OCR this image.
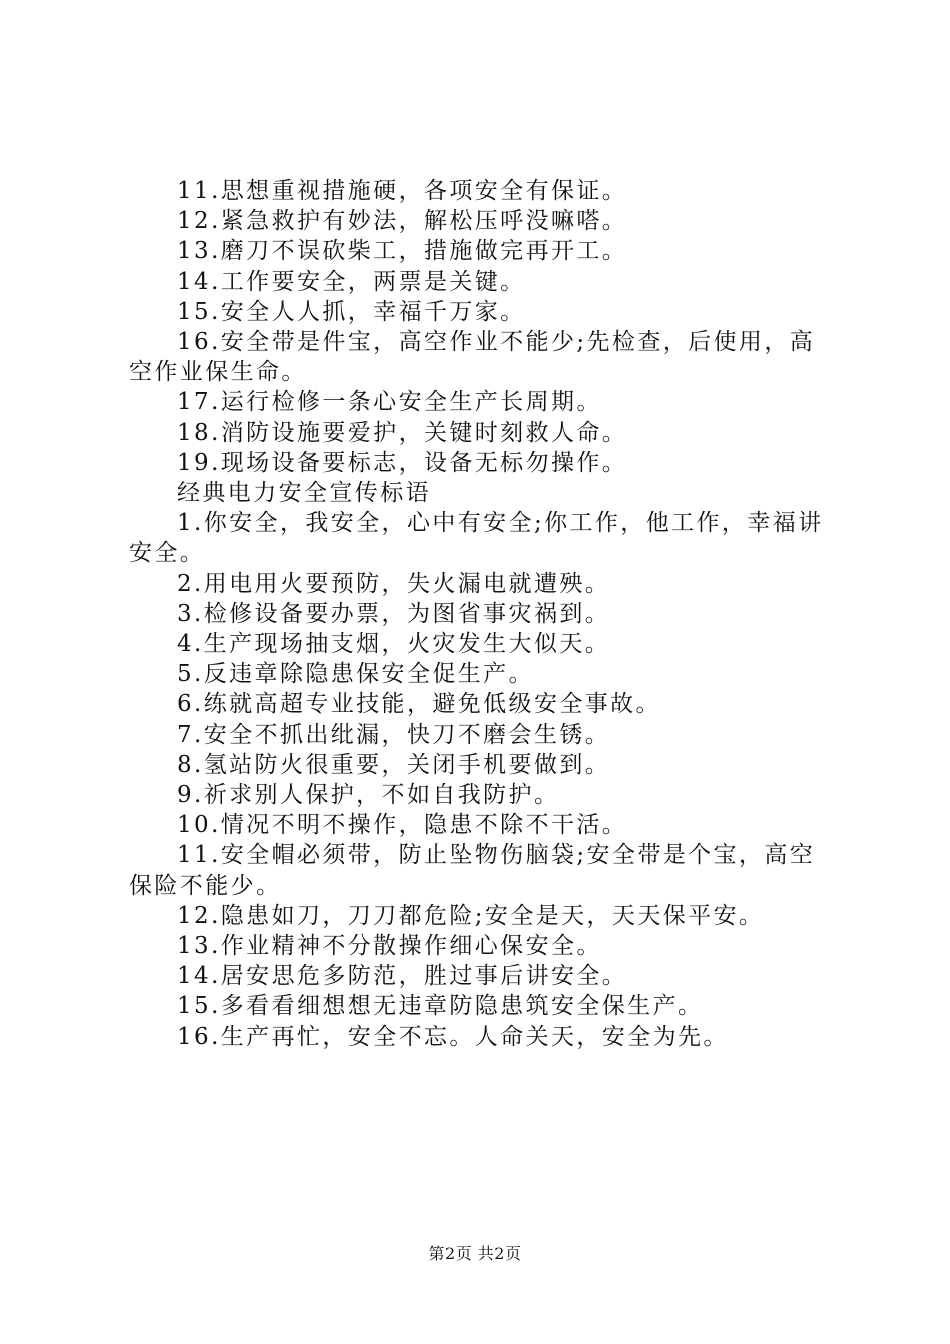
11.思想重视措施硬，各项安全有保证。

12.紧急救护有妙法，解松压呼没嘛嗒。

13.磨刀不误砍柴工，措施做完再开工。

14.工作要安全，两票是关键。

15.安全人人抓，幸福千万家。

16.安全带是件宝，高空作业不能少;先检查，后使用，高空作业保生命。

17.运行检修一条心安全生产长周期。

18.消防设施要爱护，关键时刻救人命。

19.现场设备要标志，设备无标勿操作。

经典电力安全宣传标语

1.你安全，我安全，心中有安全;你工作，他工作，幸福讲安全。

2.用电用火要预防，失火漏电就遭殃。

3.检修设备要办票，为图省事灾祸到。

4.生产现场抽支烟，火灾发生大似天。

5.反违章除隐患保安全促生产。

6.练就高超专业技能，避免低级安全事故。

7.安全不抓出纰漏，快刀不磨会生锈。

8.氢站防火很重要，关闭手机要做到。

9.祈求别人保护，不如自我防护。

10.情况不明不操作，隐患不除不干活。

11.安全帽必须带，防止坠物伤脑袋;安全带是个宝，高空保险不能少。

12.隐患如刀，刀刀都危险;安全是天，天天保平安。

13.作业精神不分散操作细心保安全。

14.居安思危多防范，胜过事后讲安全。

15.多看看细想想无违章防隐患筑安全保生产。

16.生产再忙，安全不忘。人命关天，安全为先。

第2页 共2页
